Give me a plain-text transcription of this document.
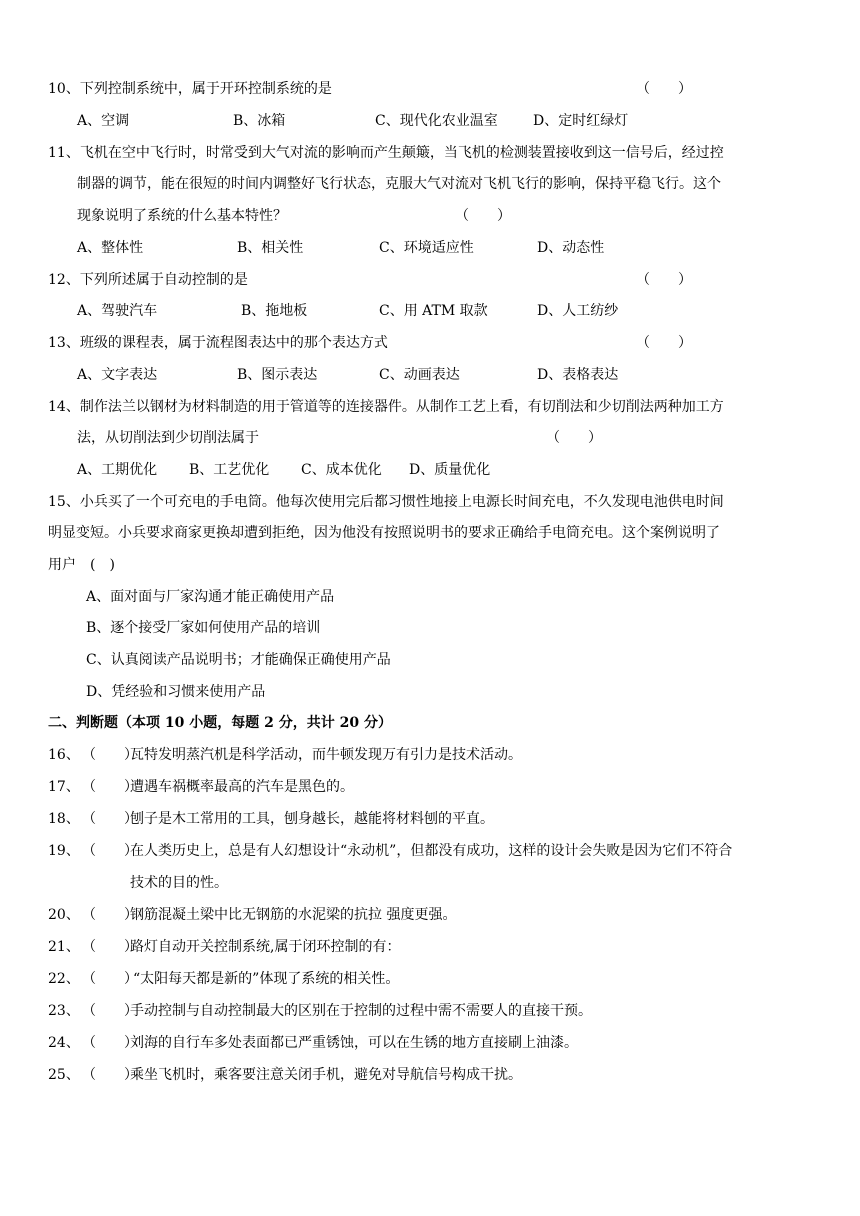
10、下列控制系统中，属于开环控制系统的是	（　　）
A、空调	B、冰箱	C、现代化农业温室	D、定时红绿灯
11、飞机在空中飞行时，时常受到大气对流的影响而产生颠簸，当飞机的检测装置接收到这一信号后，经过控
制器的调节，能在很短的时间内调整好飞行状态，克服大气对流对飞机飞行的影响，保持平稳飞行。这个
现象说明了系统的什么基本特性？	（　　）
A、整体性	B、相关性	C、环境适应性	D、动态性
12、下列所述属于自动控制的是	（　　）
A、驾驶汽车	B、拖地板	C、用 ATM 取款	D、人工纺纱
13、班级的课程表，属于流程图表达中的那个表达方式	（　　）
A、文字表达	B、图示表达	C、动画表达	D、表格表达
14、制作法兰以钢材为材料制造的用于管道等的连接器件。从制作工艺上看，有切削法和少切削法两种加工方
法，从切削法到少切削法属于	（　　）
A、工期优化 B、工艺优化 C、成本优化 D、质量优化
15、小兵买了一个可充电的手电筒。他每次使用完后都习惯性地接上电源长时间充电，不久发现电池供电时间
明显变短。小兵要求商家更换却遭到拒绝，因为他没有按照说明书的要求正确给手电筒充电。这个案例说明了
用户　(　)
A、面对面与厂家沟通才能正确使用产品
B、逐个接受厂家如何使用产品的培训
C、认真阅读产品说明书；才能确保正确使用产品
D、凭经验和习惯来使用产品
二、判断题（本项 10 小题，每题 2 分，共计 20 分）
16、 （　　）
瓦特发明蒸汽机是科学活动，而牛顿发现万有引力是技术活动。
17、 （　　）
遭遇车祸概率最高的汽车是黑色的。
18、 （　　）
刨子是木工常用的工具，刨身越长，越能将材料刨的平直。
19、 （　　）
在人类历史上，总是有人幻想设计“永动机”，但都没有成功，这样的设计会失败是因为它们不符合
技术的目的性。
20、 （　　）
钢筋混凝土梁中比无钢筋的水泥梁的抗拉 强度更强。
21、 （　　）
路灯自动开关控制系统,属于闭环控制的有：
22、 （　　）
“太阳每天都是新的”体现了系统的相关性。
23、 （　　）
手动控制与自动控制最大的区别在于控制的过程中需不需要人的直接干预。
24、 （　　）
刘海的自行车多处表面都已严重锈蚀，可以在生锈的地方直接刷上油漆。
25、 （　　）
乘坐飞机时，乘客要注意关闭手机，避免对导航信号构成干扰。
